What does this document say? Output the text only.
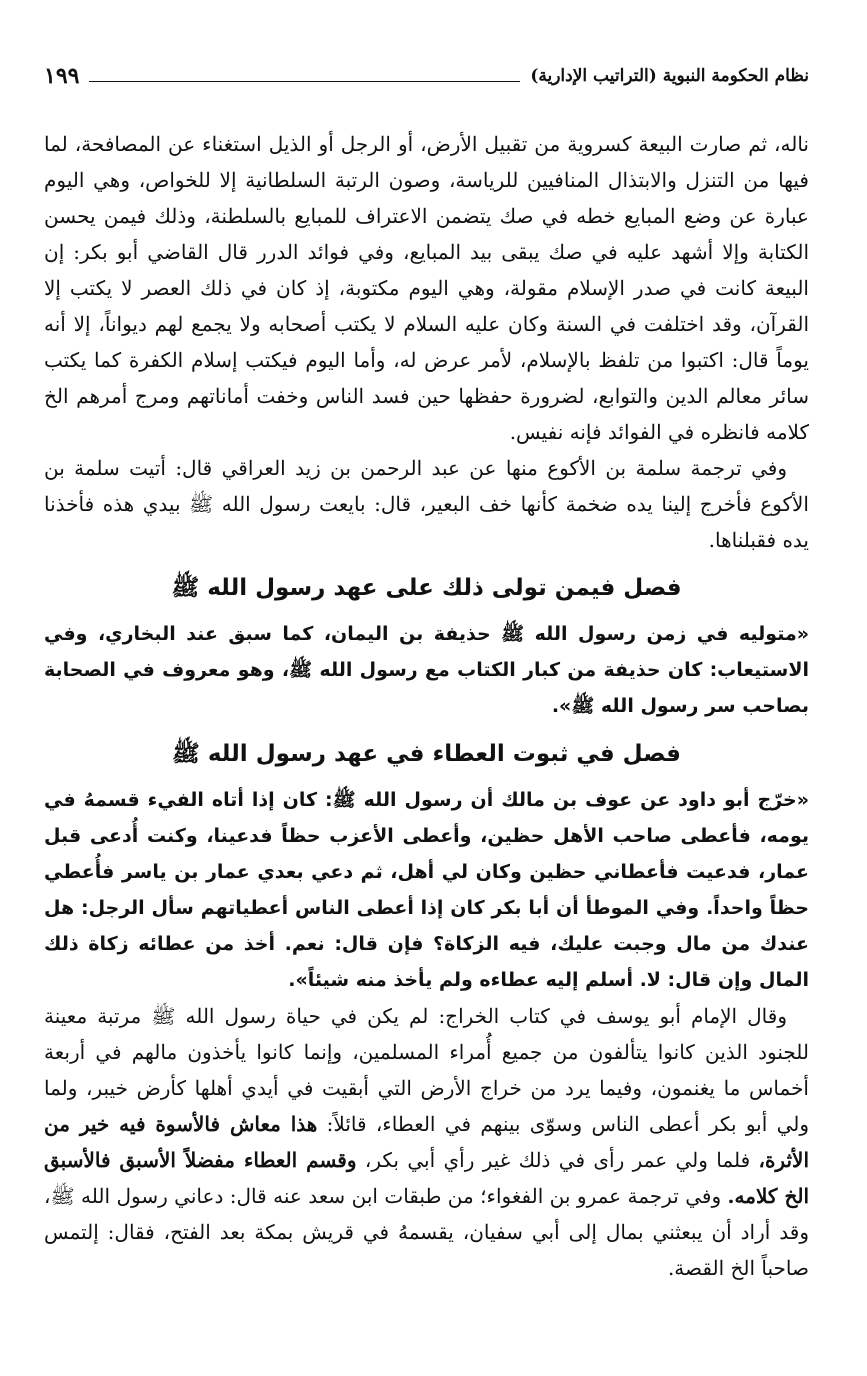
نظام الحكومة النبوية (التراتيب الإدارية)
١٩٩

ناله، ثم صارت البيعة كسروية من تقبيل الأرض، أو الرجل أو الذيل استغناء عن المصافحة، لما فيها من التنزل والابتذال المنافيين للرياسة، وصون الرتبة السلطانية إلا للخواص، وهي اليوم عبارة عن وضع المبايع خطه في صك يتضمن الاعتراف للمبايع بالسلطنة، وذلك فيمن يحسن الكتابة وإلا أشهد عليه في صك يبقى بيد المبايع، وفي فوائد الدرر قال القاضي أبو بكر: إن البيعة كانت في صدر الإسلام مقولة، وهي اليوم مكتوبة، إذ كان في ذلك العصر لا يكتب إلا القرآن، وقد اختلفت في السنة وكان عليه السلام لا يكتب أصحابه ولا يجمع لهم ديواناً، إلا أنه يوماً قال: اكتبوا من تلفظ بالإسلام، لأمر عرض له، وأما اليوم فيكتب إسلام الكفرة كما يكتب سائر معالم الدين والتوابع، لضرورة حفظها حين فسد الناس وخفت أماناتهم ومرج أمرهم الخ كلامه فانظره في الفوائد فإنه نفيس.

وفي ترجمة سلمة بن الأكوع منها عن عبد الرحمن بن زيد العراقي قال: أتيت سلمة بن الأكوع فأخرج إلينا يده ضخمة كأنها خف البعير، قال: بايعت رسول الله ﷺ بيدي هذه فأخذنا يده فقبلناها.

فصل فيمن تولى ذلك على عهد رسول الله ﷺ

«متوليه في زمن رسول الله ﷺ حذيفة بن اليمان، كما سبق عند البخاري، وفي الاستيعاب: كان حذيفة من كبار الكتاب مع رسول الله ﷺ، وهو معروف في الصحابة بصاحب سر رسول الله ﷺ».

فصل في ثبوت العطاء في عهد رسول الله ﷺ

«خرّج أبو داود عن عوف بن مالك أن رسول الله ﷺ: كان إذا أتاه الفيء قسمهُ في يومه، فأعطى صاحب الأهل حظين، وأعطى الأعزب حظاً فدعينا، وكنت أُدعى قبل عمار، فدعيت فأعطاني حظين وكان لي أهل، ثم دعي بعدي عمار بن ياسر فأُعطي حظاً واحداً. وفي الموطأ أن أبا بكر كان إذا أعطى الناس أعطياتهم سأل الرجل: هل عندك من مال وجبت عليك، فيه الزكاة؟ فإن قال: نعم. أخذ من عطائه زكاة ذلك المال وإن قال: لا. أسلم إليه عطاءه ولم يأخذ منه شيئاً».

وقال الإمام أبو يوسف في كتاب الخراج: لم يكن في حياة رسول الله ﷺ مرتبة معينة للجنود الذين كانوا يتألفون من جميع أُمراء المسلمين، وإنما كانوا يأخذون مالهم في أربعة أخماس ما يغنمون، وفيما يرد من خراج الأرض التي أبقيت في أيدي أهلها كأرض خيبر، ولما ولي أبو بكر أعطى الناس وسوّى بينهم في العطاء، قائلاً: هذا معاش فالأسوة فيه خير من الأثرة، فلما ولي عمر رأى في ذلك غير رأي أبي بكر، وقسم العطاء مفضلاً الأسبق فالأسبق الخ كلامه. وفي ترجمة عمرو بن الفغواء؛ من طبقات ابن سعد عنه قال: دعاني رسول الله ﷺ، وقد أراد أن يبعثني بمال إلى أبي سفيان، يقسمهُ في قريش بمكة بعد الفتح، فقال: إلتمس صاحباً الخ القصة.
